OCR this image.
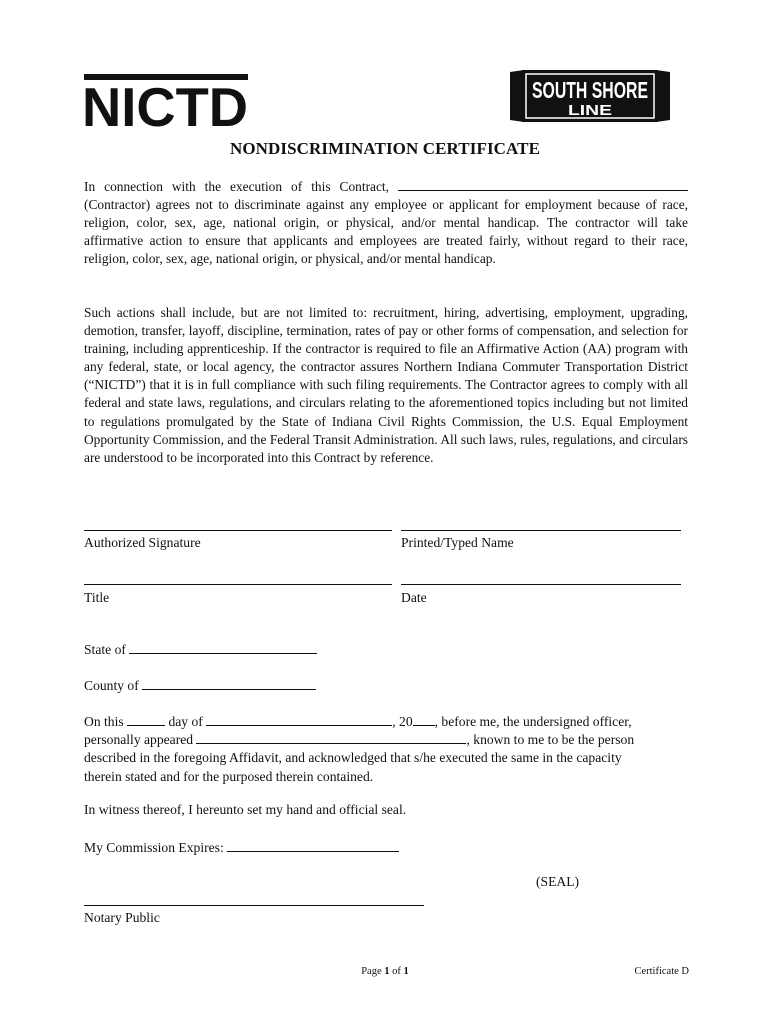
NICTD	SOUTH SHORE
LINE
NONDISCRIMINATION CERTIFICATE
In connection with the execution of this Contract,  (Contractor) agrees not to discriminate against any employee or applicant for employment because of race, religion, color, sex, age, national origin, or physical, and/or mental handicap. The contractor will take affirmative action to ensure that applicants and employees are treated fairly, without regard to their race, religion, color, sex, age, national origin, or physical, and/or mental handicap.
Such actions shall include, but are not limited to: recruitment, hiring, advertising, employment, upgrading, demotion, transfer, layoff, discipline, termination, rates of pay or other forms of compensation, and selection for training, including apprenticeship. If the contractor is required to file an Affirmative Action (AA) program with any federal, state, or local agency, the contractor assures Northern Indiana Commuter Transportation District (“NICTD”) that it is in full compliance with such filing requirements. The Contractor agrees to comply with all federal and state laws, regulations, and circulars relating to the aforementioned topics including but not limited to regulations promulgated by the State of Indiana Civil Rights Commission, the U.S. Equal Employment Opportunity Commission, and the Federal Transit Administration. All such laws, rules, regulations, and circulars are understood to be incorporated into this Contract by reference.
Authorized Signature	Printed/Typed Name
Title	Date
State of
County of
On this	day of	, 20 , before me, the undersigned officer,
personally appeared	, known to me to be the person
described in the foregoing Affidavit, and acknowledged that s/he executed the same in the capacity
therein stated and for the purposed therein contained.
In witness thereof, I hereunto set my hand and official seal.
My Commission Expires:
(SEAL)
Notary Public
Page 1 of 1	Certificate D
